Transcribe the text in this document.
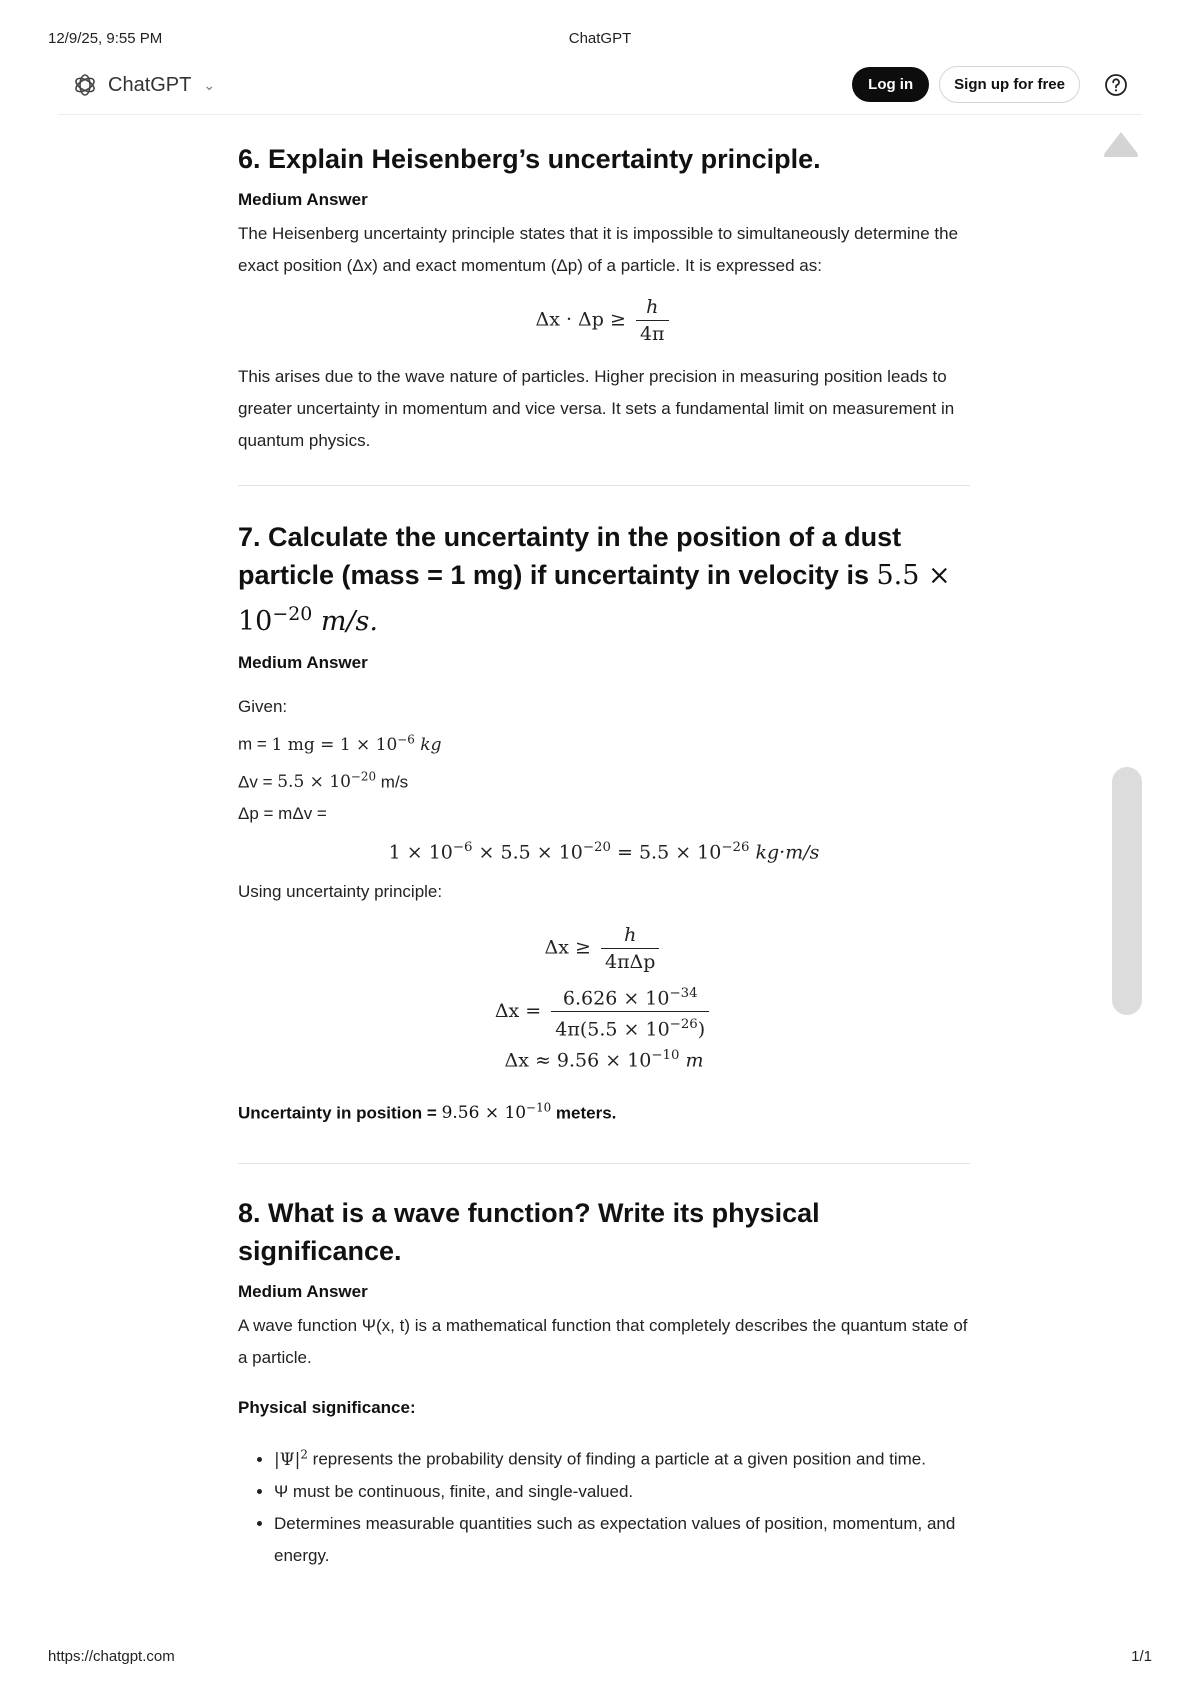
12/9/25, 9:55 PM	ChatGPT
ChatGPT ⌄	Log in	Sign up for free
6. Explain Heisenberg’s uncertainty principle.
Medium Answer

The Heisenberg uncertainty principle states that it is impossible to simultaneously determine the exact position (Δx) and exact momentum (Δp) of a particle. It is expressed as:

$\Delta x \cdot \Delta p \ge \frac{h}{4\pi}$

This arises due to the wave nature of particles. Higher precision in measuring position leads to greater uncertainty in momentum and vice versa. It sets a fundamental limit on measurement in quantum physics.

7. Calculate the uncertainty in the position of a dust particle (mass = 1 mg) if uncertainty in velocity is $5.5 \times 10^{-20}$ m/s.
Medium Answer

Given:

m = 1 mg = $1 \times 10^{-6}$ kg

$\Delta v = 5.5 \times 10^{-20}$ m/s

Δp = mΔv =

$1 \times 10^{-6} \times 5.5 \times 10^{-20} = 5.5 \times 10^{-26}$ kg·m/s

Using uncertainty principle:

$\Delta x \ge \frac{h}{\text{4πΔp}}$
$\Delta x = \frac{6.626 \times 10^{-34}}{4\pi(5.5 \times 10^{-26})}$
$\Delta x \approx 9.56 \times 10^{-10}$ m

Uncertainty in position = $9.56 \times 10^{-10}$ meters.

8. What is a wave function? Write its physical significance.
Medium Answer

A wave function Ψ(x, t) is a mathematical function that completely describes the quantum state of a particle.

Physical significance:

• $|\Psi|^2$ represents the probability density of finding a particle at a given position and time.
• Ψ must be continuous, finite, and single-valued.
• Determines measurable quantities such as expectation values of position, momentum, and energy.
https://chatgpt.com	1/1
